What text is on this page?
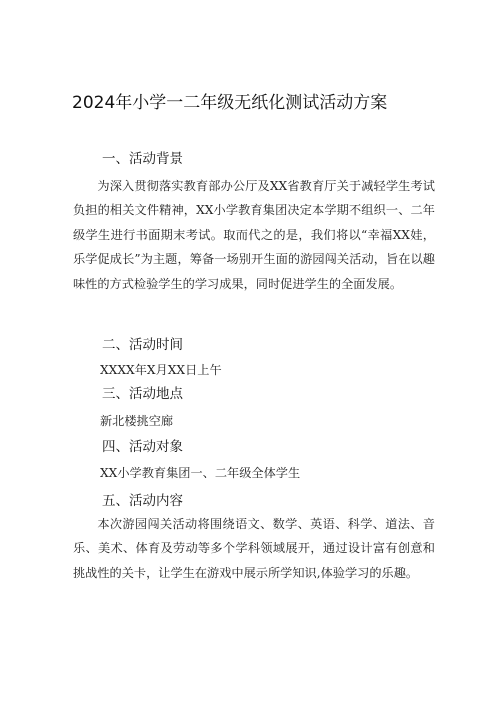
2024年小学一二年级无纸化测试活动方案
一、活动背景
为深入贯彻落实教育部办公厅及XX省教育厅关于减轻学生考试负担的相关文件精神，XX小学教育集团决定本学期不组织一、二年级学生进行书面期末考试。取而代之的是，我们将以“幸福XX娃，乐学促成长”为主题，筹备一场别开生面的游园闯关活动，旨在以趣味性的方式检验学生的学习成果，同时促进学生的全面发展。
二、活动时间
XXXX年X月XX日上午
三、活动地点
新北楼挑空廊
四、活动对象
XX小学教育集团一、二年级全体学生
五、活动内容
本次游园闯关活动将围绕语文、数学、英语、科学、道法、音乐、美术、体育及劳动等多个学科领域展开，通过设计富有创意和挑战性的关卡，让学生在游戏中展示所学知识,体验学习的乐趣。
